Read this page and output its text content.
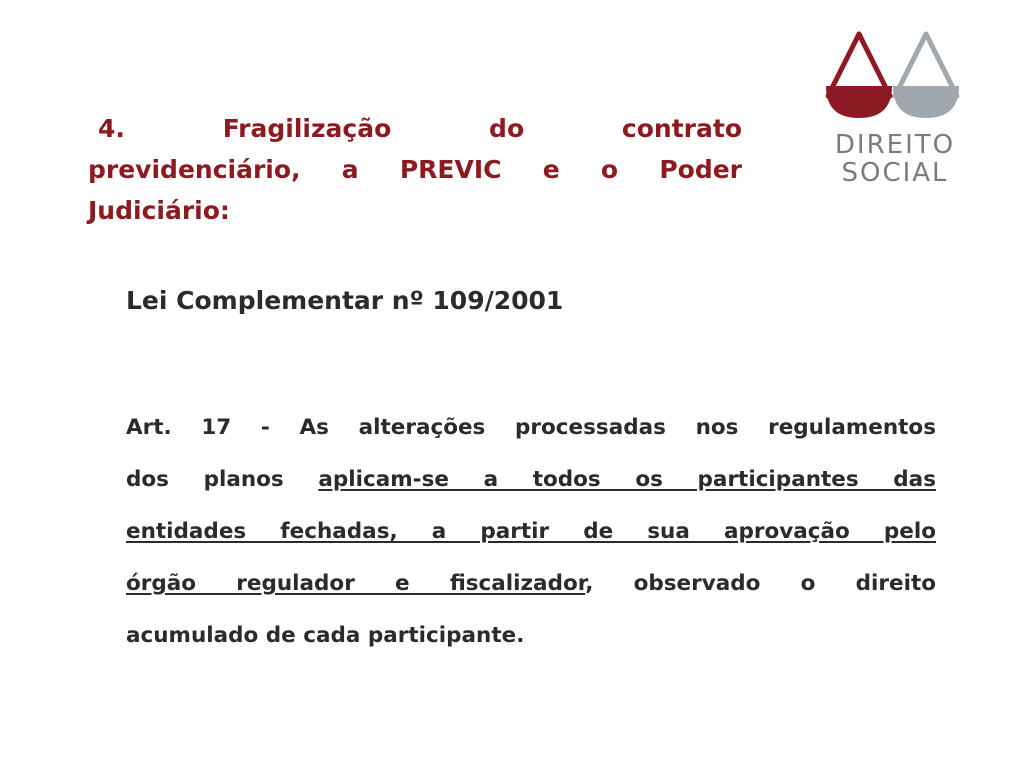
4. Fragilização do contrato
previdenciário, a PREVIC e o Poder
Judiciário:
DIREITO
SOCIAL
Lei Complementar nº 109/2001
Art. 17 - As alterações processadas nos regulamentos
dos planos aplicam-se a todos os participantes das
entidades fechadas, a partir de sua aprovação pelo
órgão regulador e fiscalizador, observado o direito
acumulado de cada participante.
